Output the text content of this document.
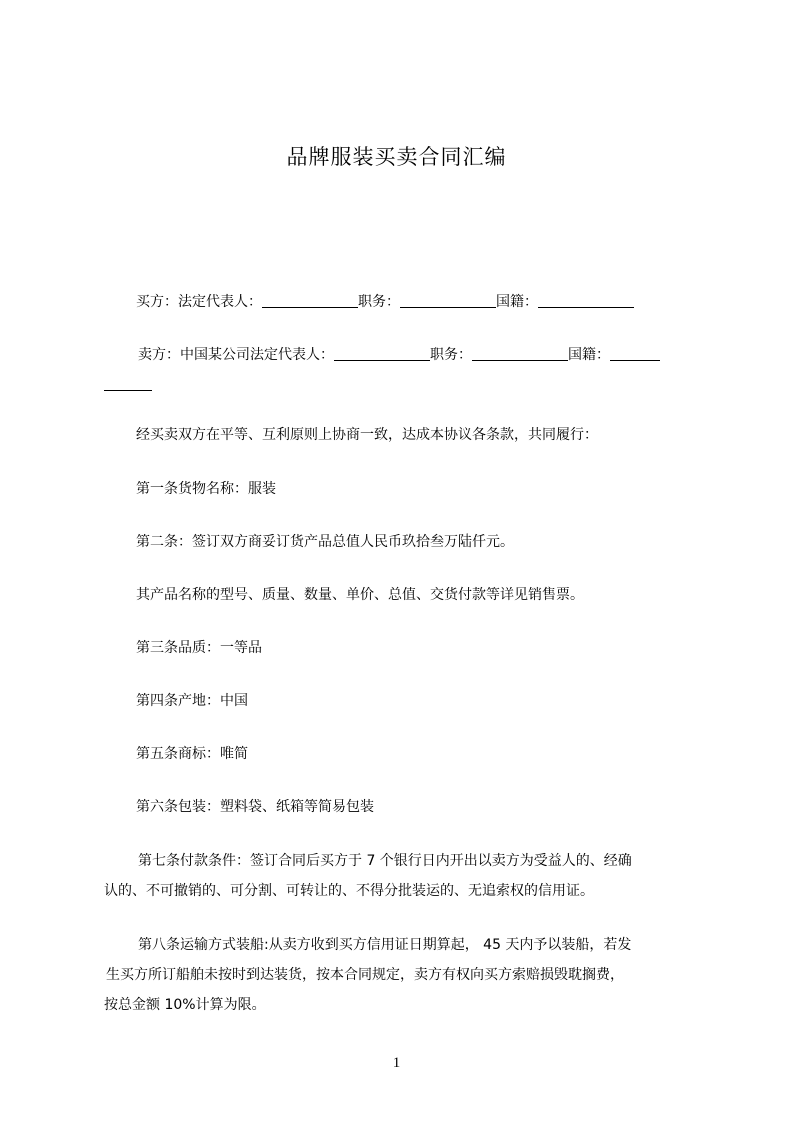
品牌服装买卖合同汇编
买方：法定代表人：	职务：	国籍：
卖方：中国某公司法定代表人：	职务：	国籍：
经买卖双方在平等、互利原则上协商一致，达成本协议各条款，共同履行：
第一条货物名称：服装
第二条：签订双方商妥订货产品总值人民币玖拾叁万陆仟元。
其产品名称的型号、质量、数量、单价、总值、交货付款等详见销售票。
第三条品质：一等品
第四条产地：中国
第五条商标：唯简
第六条包装：塑料袋、纸箱等简易包装
第七条付款条件：签订合同后买方于 7 个银行日内开出以卖方为受益人的、经确
认的、不可撤销的、可分割、可转让的、不得分批装运的、无追索权的信用证。
第八条运输方式装船:从卖方收到买方信用证日期算起， 45 天内予以装船，若发
生买方所订船舶未按时到达装货，按本合同规定，卖方有权向买方索赔损毁耽搁费，
按总金额 10%计算为限。
1
